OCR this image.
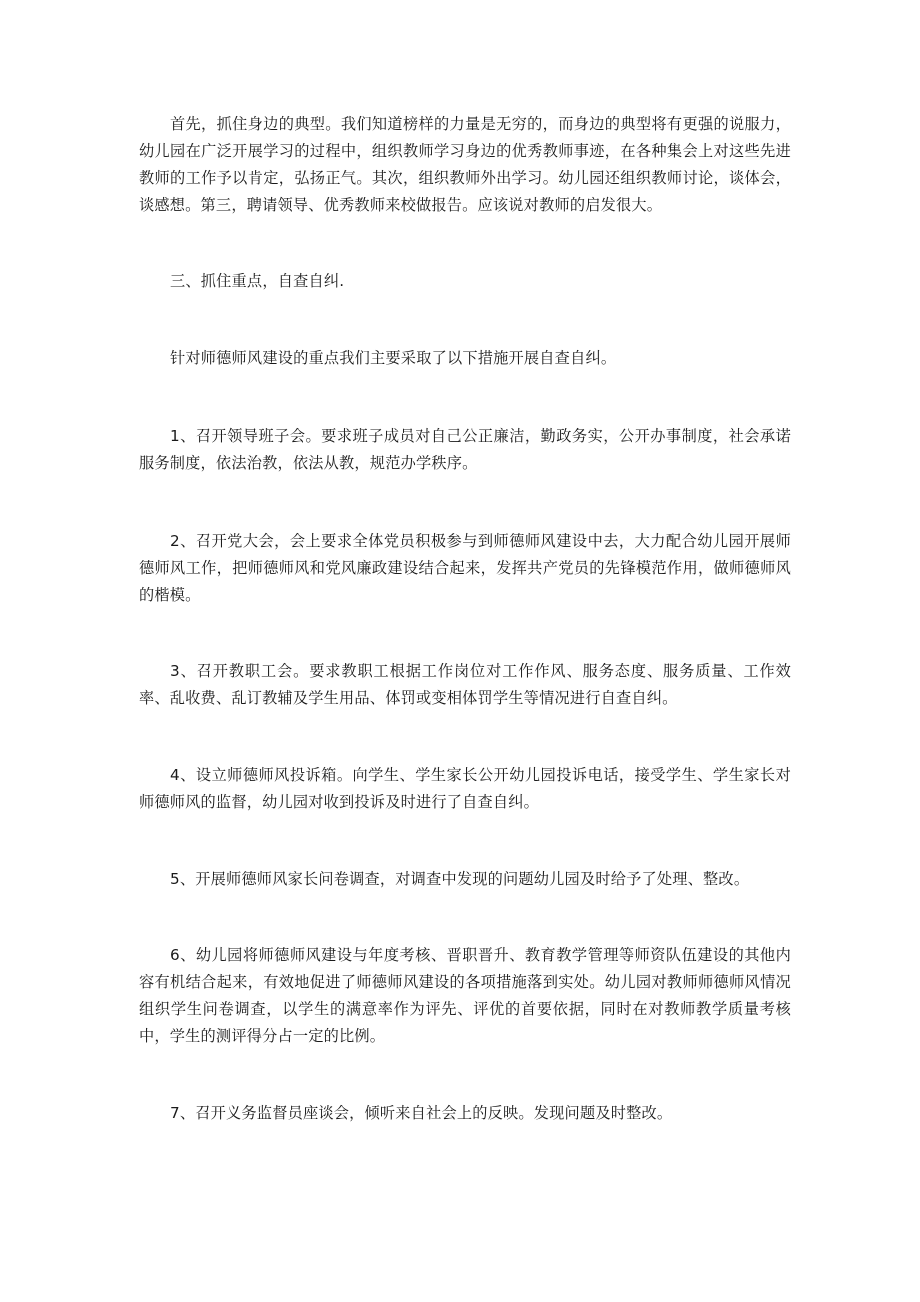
首先，抓住身边的典型。我们知道榜样的力量是无穷的，而身边的典型将有更强的说服力，幼儿园在广泛开展学习的过程中，组织教师学习身边的优秀教师事迹，在各种集会上对这些先进教师的工作予以肯定，弘扬正气。其次，组织教师外出学习。幼儿园还组织教师讨论，谈体会，谈感想。第三，聘请领导、优秀教师来校做报告。应该说对教师的启发很大。

三、抓住重点，自查自纠.

针对师德师风建设的重点我们主要采取了以下措施开展自查自纠。

1、召开领导班子会。要求班子成员对自己公正廉洁，勤政务实，公开办事制度，社会承诺服务制度，依法治教，依法从教，规范办学秩序。

2、召开党大会，会上要求全体党员积极参与到师德师风建设中去，大力配合幼儿园开展师德师风工作，把师德师风和党风廉政建设结合起来，发挥共产党员的先锋模范作用，做师德师风的楷模。

3、召开教职工会。要求教职工根据工作岗位对工作作风、服务态度、服务质量、工作效率、乱收费、乱订教辅及学生用品、体罚或变相体罚学生等情况进行自查自纠。

4、设立师德师风投诉箱。向学生、学生家长公开幼儿园投诉电话，接受学生、学生家长对师德师风的监督，幼儿园对收到投诉及时进行了自查自纠。

5、开展师德师风家长问卷调查，对调查中发现的问题幼儿园及时给予了处理、整改。

6、幼儿园将师德师风建设与年度考核、晋职晋升、教育教学管理等师资队伍建设的其他内容有机结合起来，有效地促进了师德师风建设的各项措施落到实处。幼儿园对教师师德师风情况组织学生问卷调查，以学生的满意率作为评先、评优的首要依据，同时在对教师教学质量考核中，学生的测评得分占一定的比例。

7、召开义务监督员座谈会，倾听来自社会上的反映。发现问题及时整改。
